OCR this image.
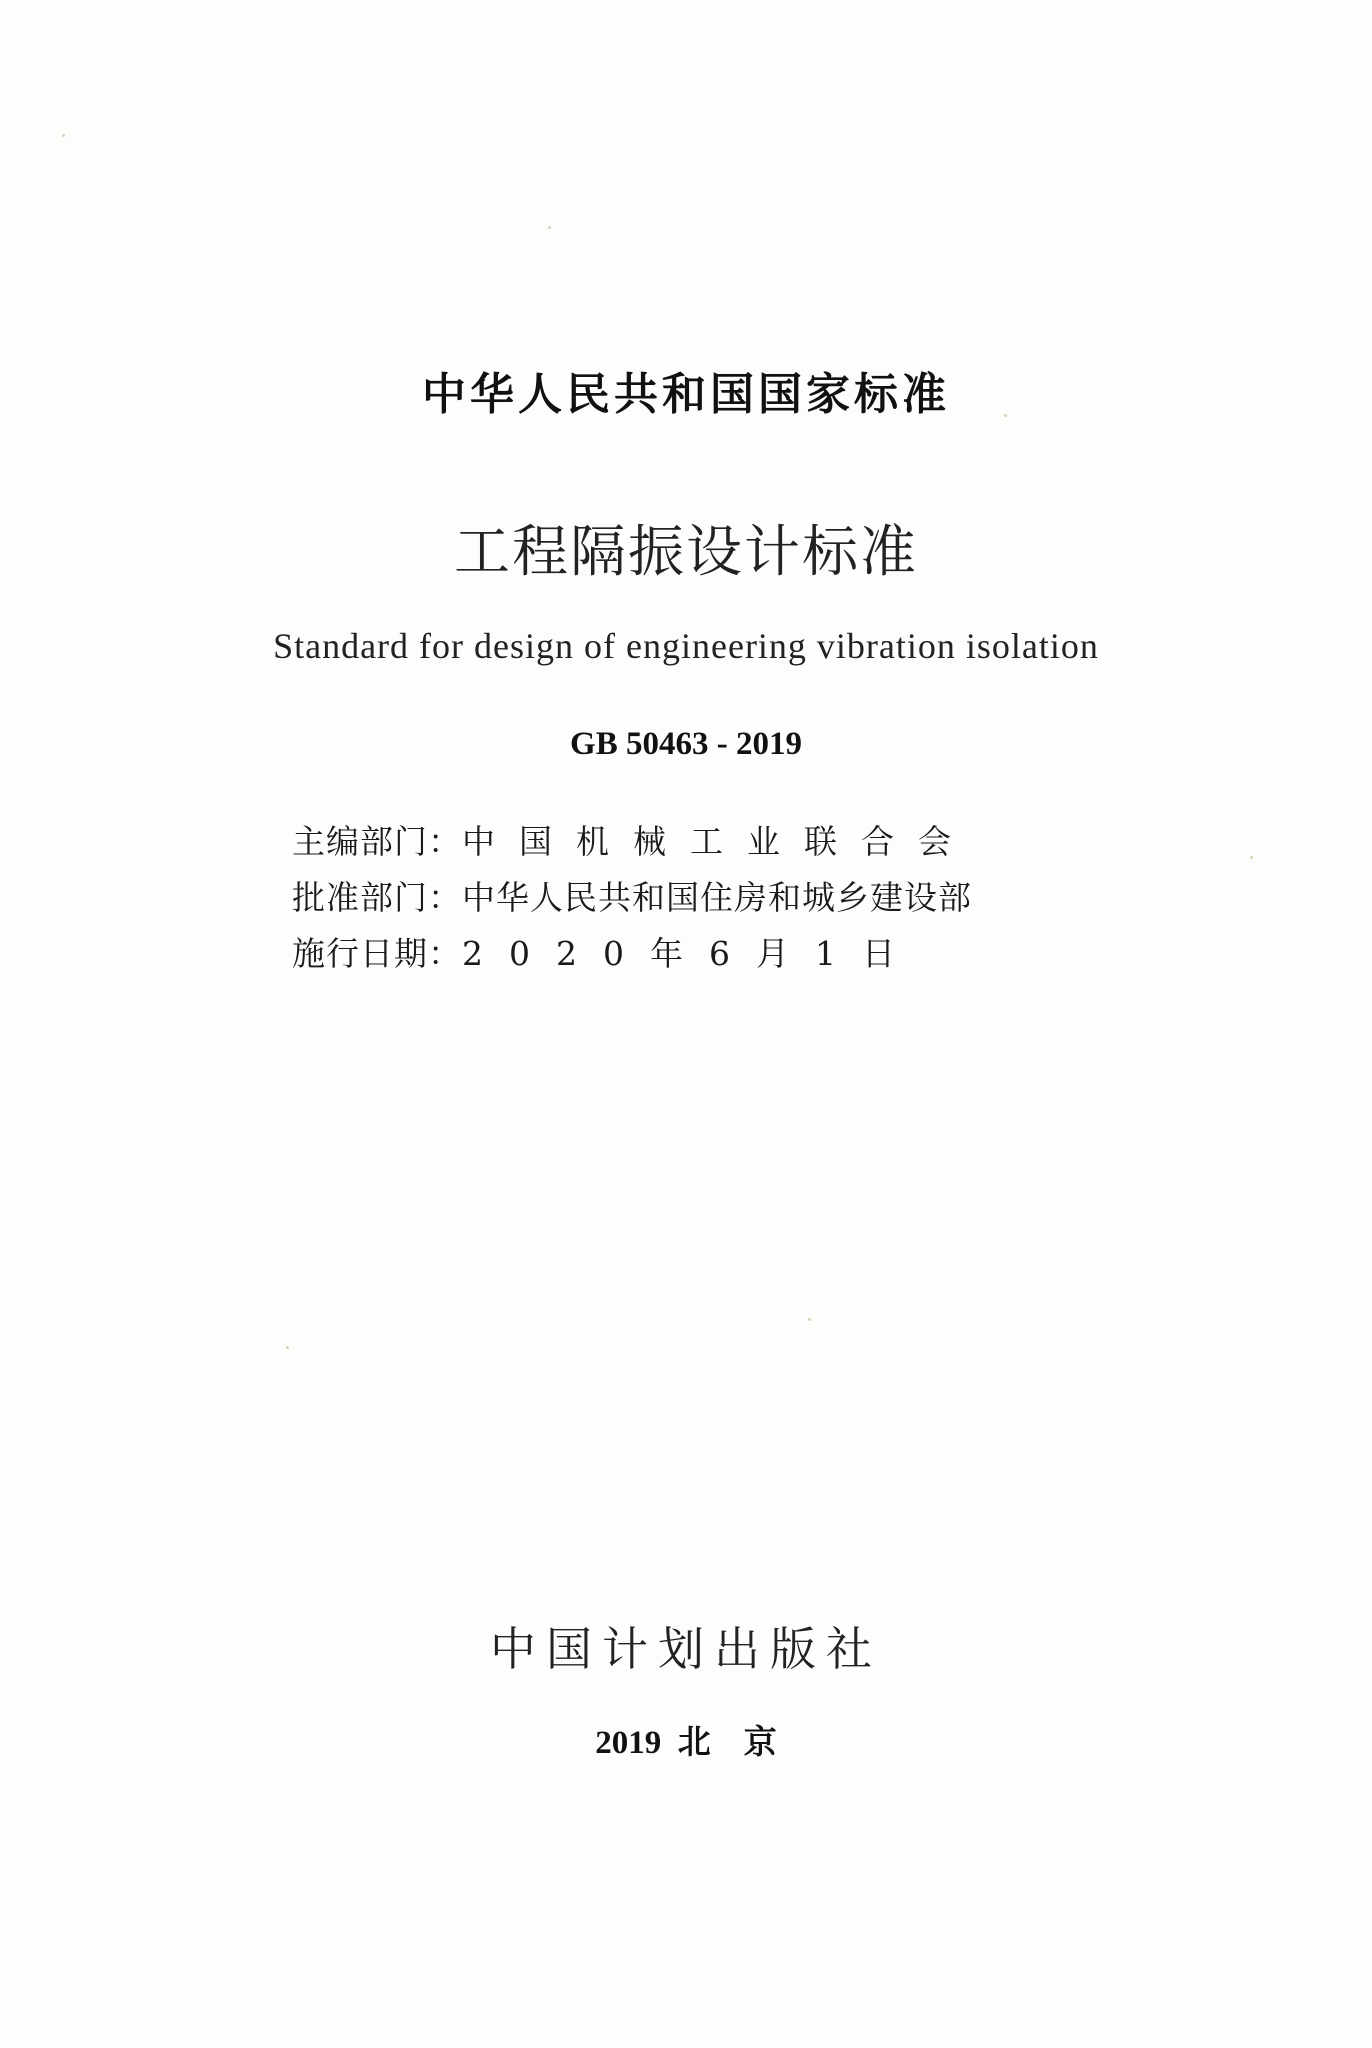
中华人民共和国国家标准
工程隔振设计标准
Standard for design of engineering vibration isolation
GB 50463 - 2019
主编部门： 中国机械工业联合会
批准部门： 中华人民共和国住房和城乡建设部
施行日期： 2020年6月1日
中国计划出版社
2019  北    京
